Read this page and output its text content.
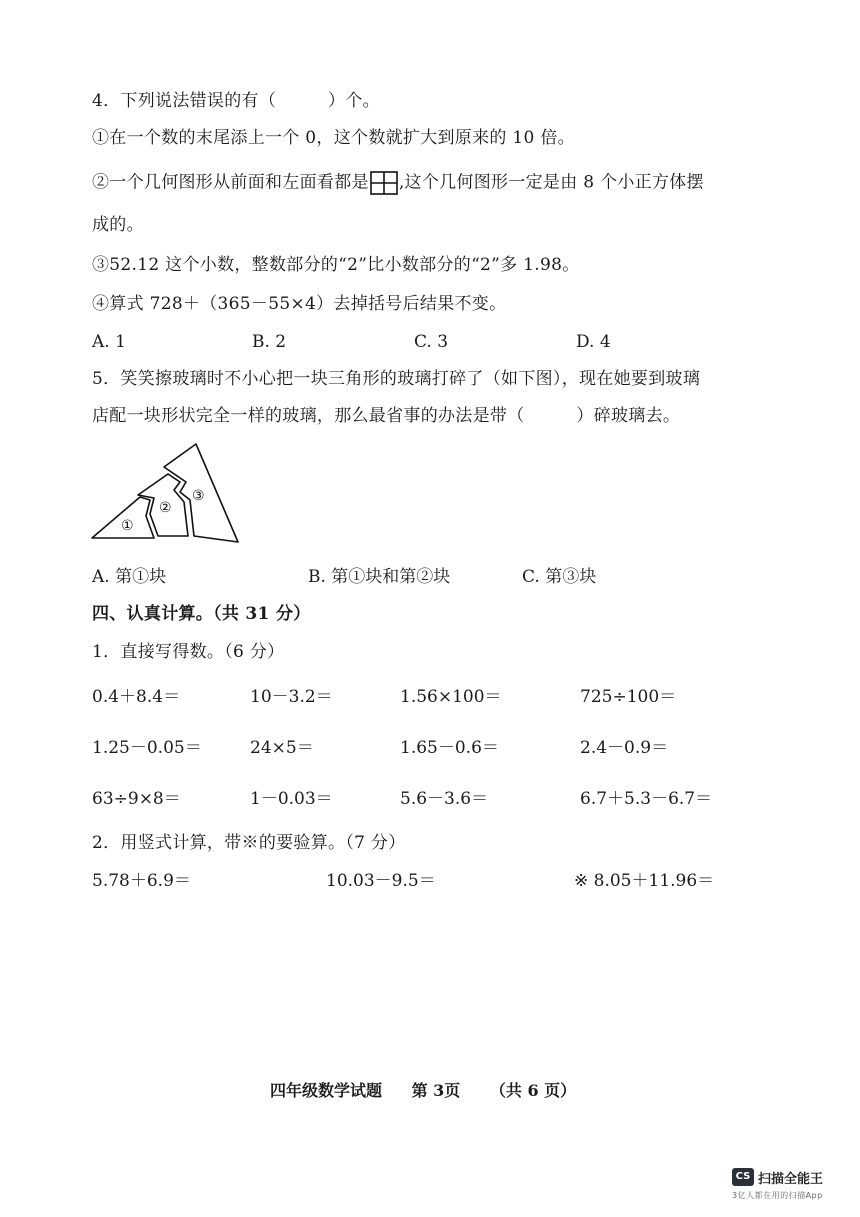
4．下列说法错误的有（　　　）个。
①在一个数的末尾添上一个 0，这个数就扩大到原来的 10 倍。
②一个几何图形从前面和左面看都是 ,这个几何图形一定是由 8 个小正方体摆
成的。
③52.12 这个小数，整数部分的“2”比小数部分的“2”多 1.98。
④算式 728＋（365－55×4）去掉括号后结果不变。
A. 1	B. 2	C. 3	D. 4
5．笑笑擦玻璃时不小心把一块三角形的玻璃打碎了（如下图），现在她要到玻璃
店配一块形状完全一样的玻璃，那么最省事的办法是带（　　　）碎玻璃去。
①
②
③
A. 第①块	B. 第①块和第②块	C. 第③块
四、认真计算。（共 31 分）
1．直接写得数。（6 分）
0.4＋8.4＝	10－3.2＝	1.56×100＝	725÷100＝
1.25－0.05＝	24×5＝	1.65－0.6＝	2.4－0.9＝
63÷9×8＝	1－0.03＝	5.6－3.6＝	6.7＋5.3－6.7＝
2．用竖式计算，带※的要验算。（7 分）
5.78＋6.9＝	10.03－9.5＝	※ 8.05＋11.96＝
四年级数学试题 第 3页 （共 6 页）
CS 扫描全能王
3亿人都在用的扫描App
